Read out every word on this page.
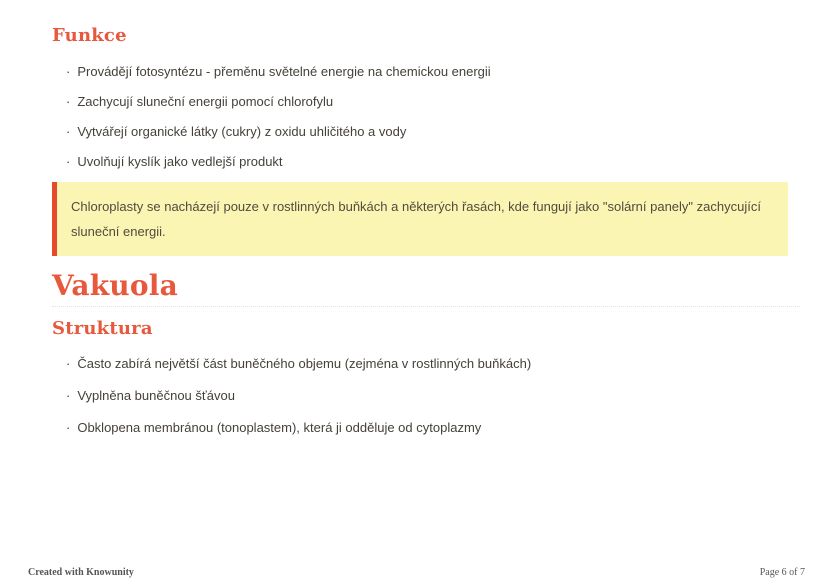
Funkce
· Provádějí fotosyntézu - přeměnu světelné energie na chemickou energii
· Zachycují sluneční energii pomocí chlorofylu
· Vytvářejí organické látky (cukry) z oxidu uhličitého a vody
· Uvolňují kyslík jako vedlejší produkt

Chloroplasty se nacházejí pouze v rostlinných buňkách a některých řasách, kde fungují jako "solární panely" zachycující sluneční energii.

Vakuola
Struktura
· Často zabírá největší část buněčného objemu (zejména v rostlinných buňkách)
· Vyplněna buněčnou šťávou
· Obklopena membránou (tonoplastem), která ji odděluje od cytoplazmy
Created with Knowunity	Page 6 of 7
